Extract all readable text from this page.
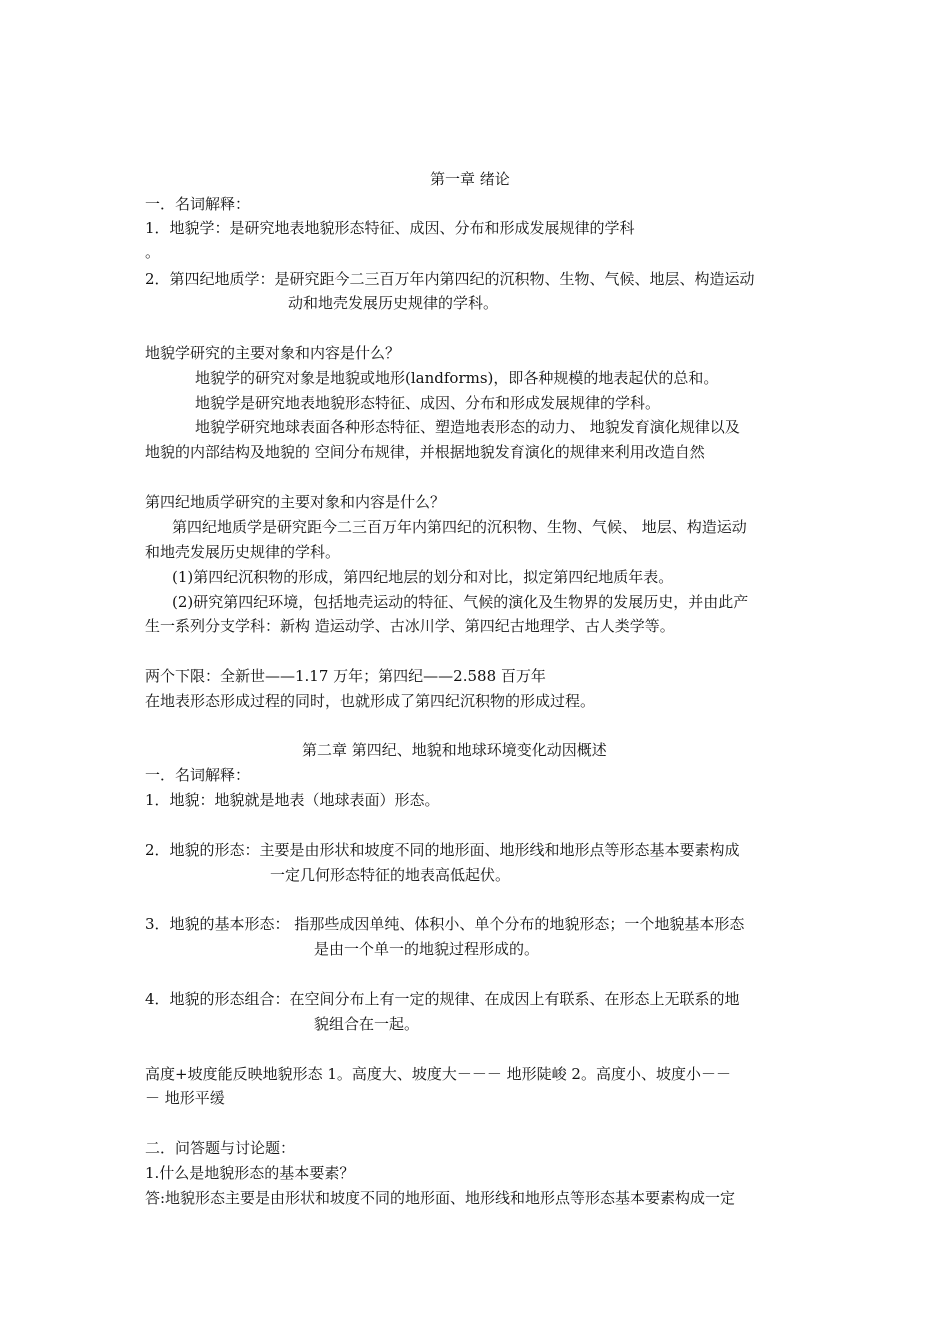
第一章 绪论
一．名词解释：
1．地貌学：是研究地表地貌形态特征、成因、分布和形成发展规律的学科
。
2．第四纪地质学：是研究距今二三百万年内第四纪的沉积物、生物、气候、地层、构造运动
动和地壳发展历史规律的学科。
地貌学研究的主要对象和内容是什么？
地貌学的研究对象是地貌或地形(landforms)，即各种规模的地表起伏的总和。
地貌学是研究地表地貌形态特征、成因、分布和形成发展规律的学科。
地貌学研究地球表面各种形态特征、塑造地表形态的动力、 地貌发育演化规律以及
地貌的内部结构及地貌的 空间分布规律，并根据地貌发育演化的规律来利用改造自然
第四纪地质学研究的主要对象和内容是什么？
第四纪地质学是研究距今二三百万年内第四纪的沉积物、生物、气候、 地层、构造运动
和地壳发展历史规律的学科。
(1)第四纪沉积物的形成，第四纪地层的划分和对比，拟定第四纪地质年表。
(2)研究第四纪环境，包括地壳运动的特征、气候的演化及生物界的发展历史，并由此产
生一系列分支学科：新构 造运动学、古冰川学、第四纪古地理学、古人类学等。
两个下限：全新世——1.17 万年；第四纪——2.588 百万年
在地表形态形成过程的同时，也就形成了第四纪沉积物的形成过程。
第二章 第四纪、地貌和地球环境变化动因概述
一．名词解释：
1．地貌：地貌就是地表（地球表面）形态。
2．地貌的形态：主要是由形状和坡度不同的地形面、地形线和地形点等形态基本要素构成
一定几何形态特征的地表高低起伏。
3．地貌的基本形态： 指那些成因单纯、体积小、单个分布的地貌形态；一个地貌基本形态
是由一个单一的地貌过程形成的。
4．地貌的形态组合：在空间分布上有一定的规律、在成因上有联系、在形态上无联系的地
貌组合在一起。
高度+坡度能反映地貌形态 1。高度大、坡度大－－－ 地形陡峻 2。高度小、坡度小－－
－ 地形平缓
二．问答题与讨论题：
1.什么是地貌形态的基本要素？
答:地貌形态主要是由形状和坡度不同的地形面、地形线和地形点等形态基本要素构成一定
